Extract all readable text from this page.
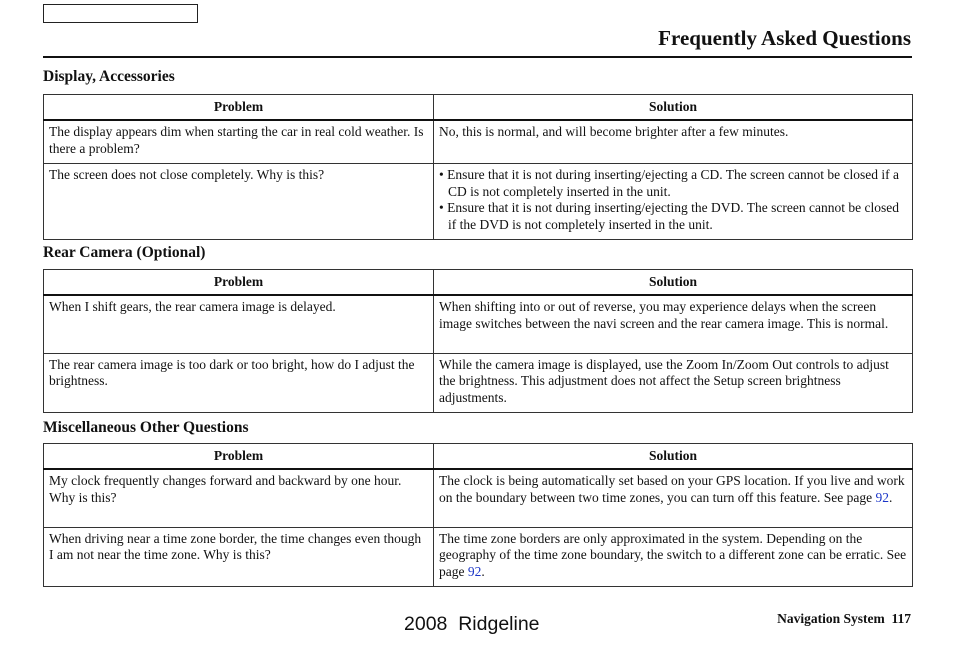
Frequently Asked Questions
Display, Accessories
Problem	Solution
The display appears dim when starting the car in real cold weather. Is there a problem?	No, this is normal, and will become brighter after a few minutes.
The screen does not close completely. Why is this?	• Ensure that it is not during inserting/ejecting a CD. The screen cannot be closed if a CD is not completely inserted in the unit.
• Ensure that it is not during inserting/ejecting the DVD. The screen cannot be closed if the DVD is not completely inserted in the unit.
Rear Camera (Optional)
Problem	Solution
When I shift gears, the rear camera image is delayed.	When shifting into or out of reverse, you may experience delays when the screen image switches between the navi screen and the rear camera image. This is normal.
The rear camera image is too dark or too bright, how do I adjust the brightness.	While the camera image is displayed, use the Zoom In/Zoom Out controls to adjust the brightness. This adjustment does not affect the Setup screen brightness adjustments.
Miscellaneous Other Questions
Problem	Solution
My clock frequently changes forward and backward by one hour. Why is this?	The clock is being automatically set based on your GPS location. If you live and work on the boundary between two time zones, you can turn off this feature. See page 92.
When driving near a time zone border, the time changes even though I am not near the time zone. Why is this?	The time zone borders are only approximated in the system. Depending on the geography of the time zone boundary, the switch to a different zone can be erratic. See page 92.
2008  Ridgeline	Navigation System 117
